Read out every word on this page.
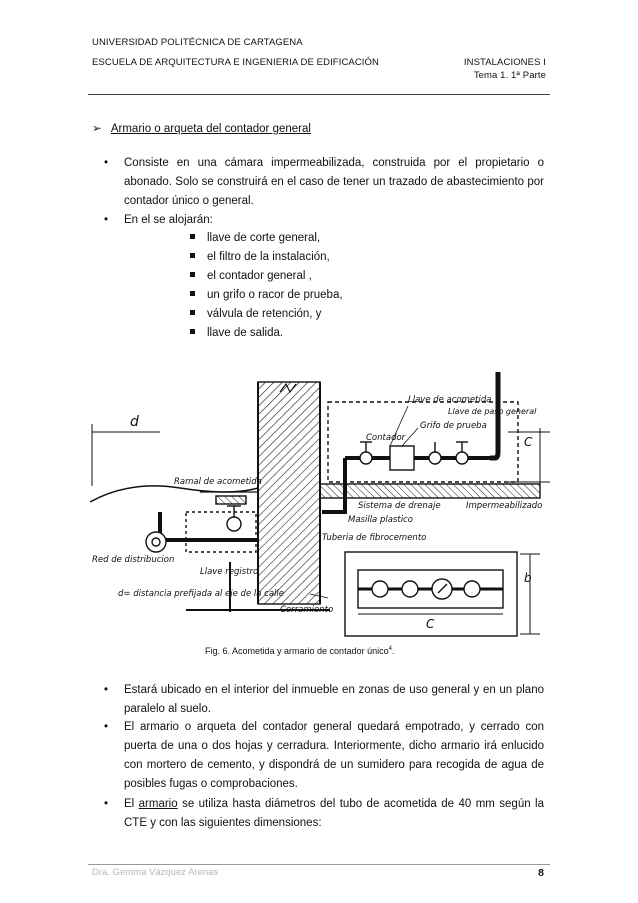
UNIVERSIDAD POLITÉCNICA DE CARTAGENA
ESCUELA DE ARQUITECTURA E INGENIERIA DE EDIFICACIÓN	INSTALACIONES I
Tema 1. 1ª Parte
➢ Armario o arqueta del contador general
• Consiste en una cámara impermeabilizada, construida por el propietario o abonado. Solo se construirá en el caso de tener un trazado de abastecimiento por contador único o general.
• En el se alojarán:
llave de corte general,
el filtro de la instalación,
el contador general ,
un grifo o racor de prueba,
válvula de retención, y
llave de salida.
d
C
b
C
Llave de acometida
Grifo de prueba
Contador
Llave de paso general
Ramal de acometida
Sistema de drenaje	Impermeabilizado
Masilla plastico
Tuberia de fibrocemento
Red de distribucion
Llave registro
d= distancia prefijada al eje de la calle
Cerramiento
Fig. 6. Acometida y armario de contador único$^4$.
• Estará ubicado en el interior del inmueble en zonas de uso general y en un plano paralelo al suelo.
• El armario o arqueta del contador general quedará empotrado, y cerrado con puerta de una o dos hojas y cerradura. Interiormente, dicho armario irá enlucido con mortero de cemento, y dispondrá de un sumidero para recogida de agua de posibles fugas o comprobaciones.
• El armario se utiliza hasta diámetros del tubo de acometida de 40 mm según la CTE y con las siguientes dimensiones:
Dra. Gemma Vázquez Arenas	8
